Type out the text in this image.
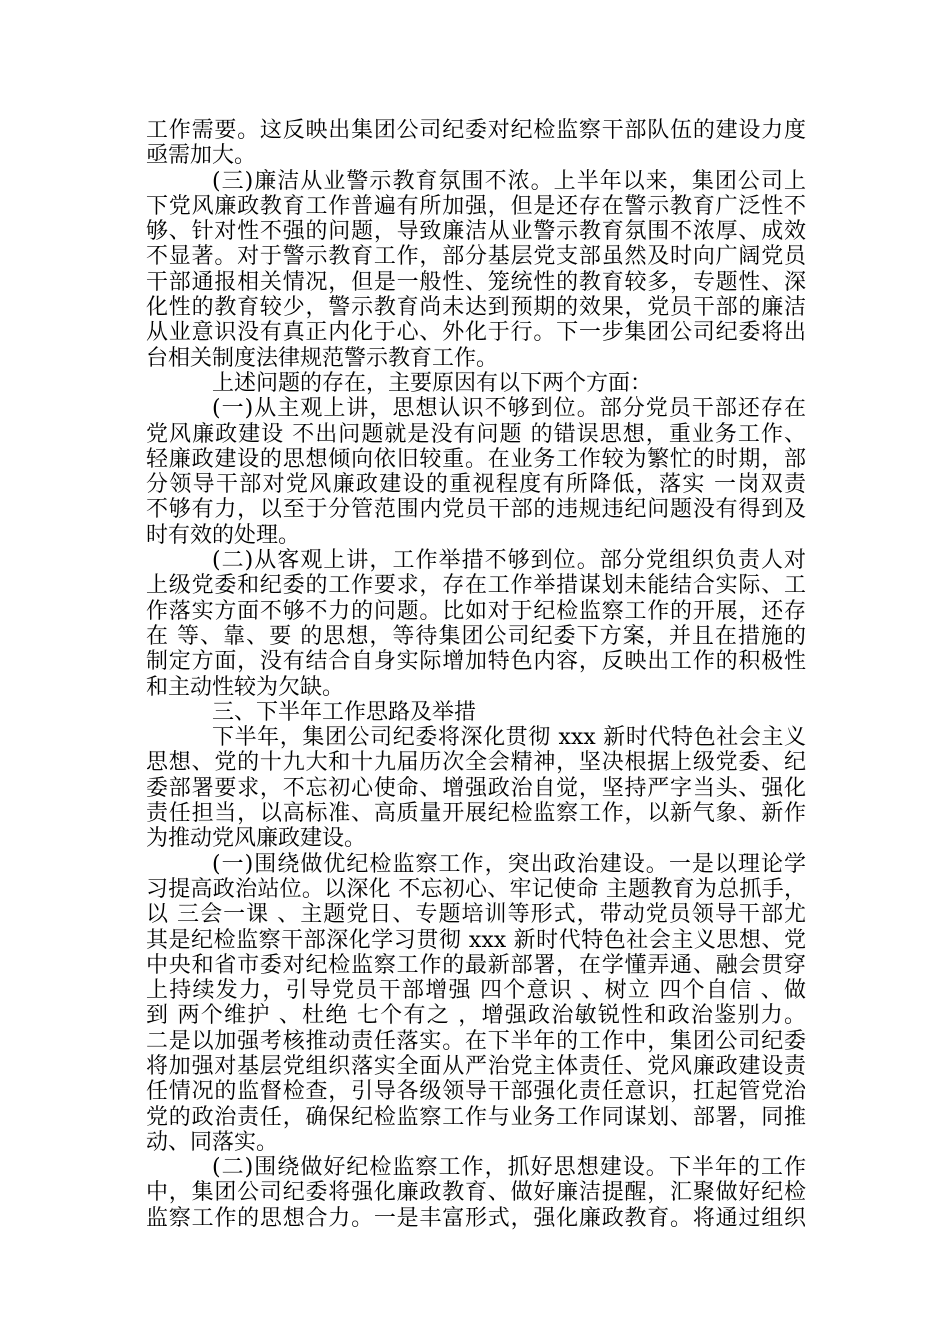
工作需要。这反映出集团公司纪委对纪检监察干部队伍的建设力度
亟需加大。
(三)廉洁从业警示教育氛围不浓。上半年以来，集团公司上
下党风廉政教育工作普遍有所加强，但是还存在警示教育广泛性不
够、针对性不强的问题，导致廉洁从业警示教育氛围不浓厚、成效
不显著。对于警示教育工作，部分基层党支部虽然及时向广阔党员
干部通报相关情况，但是一般性、笼统性的教育较多，专题性、深
化性的教育较少，警示教育尚未达到预期的效果，党员干部的廉洁
从业意识没有真正内化于心、外化于行。下一步集团公司纪委将出
台相关制度法律规范警示教育工作。
上述问题的存在，主要原因有以下两个方面：
(一)从主观上讲，思想认识不够到位。部分党员干部还存在
党风廉政建设 不出问题就是没有问题 的错误思想，重业务工作、
轻廉政建设的思想倾向依旧较重。在业务工作较为繁忙的时期，部
分领导干部对党风廉政建设的重视程度有所降低，落实 一岗双责
不够有力，以至于分管范围内党员干部的违规违纪问题没有得到及
时有效的处理。
(二)从客观上讲，工作举措不够到位。部分党组织负责人对
上级党委和纪委的工作要求，存在工作举措谋划未能结合实际、工
作落实方面不够不力的问题。比如对于纪检监察工作的开展，还存
在 等、靠、要 的思想，等待集团公司纪委下方案，并且在措施的
制定方面，没有结合自身实际增加特色内容，反映出工作的积极性
和主动性较为欠缺。
三、下半年工作思路及举措
下半年，集团公司纪委将深化贯彻 xxx 新时代特色社会主义
思想、党的十九大和十九届历次全会精神，坚决根据上级党委、纪
委部署要求，不忘初心使命、增强政治自觉，坚持严字当头、强化
责任担当，以高标准、高质量开展纪检监察工作，以新气象、新作
为推动党风廉政建设。
(一)围绕做优纪检监察工作，突出政治建设。一是以理论学
习提高政治站位。以深化 不忘初心、牢记使命 主题教育为总抓手，
以 三会一课 、主题党日、专题培训等形式，带动党员领导干部尤
其是纪检监察干部深化学习贯彻 xxx 新时代特色社会主义思想、党
中央和省市委对纪检监察工作的最新部署，在学懂弄通、融会贯穿
上持续发力，引导党员干部增强 四个意识 、树立 四个自信 、做
到 两个维护 、杜绝 七个有之 ，增强政治敏锐性和政治鉴别力。
二是以加强考核推动责任落实。在下半年的工作中，集团公司纪委
将加强对基层党组织落实全面从严治党主体责任、党风廉政建设责
任情况的监督检查，引导各级领导干部强化责任意识，扛起管党治
党的政治责任，确保纪检监察工作与业务工作同谋划、部署，同推
动、同落实。
(二)围绕做好纪检监察工作，抓好思想建设。下半年的工作
中，集团公司纪委将强化廉政教育、做好廉洁提醒，汇聚做好纪检
监察工作的思想合力。一是丰富形式，强化廉政教育。将通过组织
